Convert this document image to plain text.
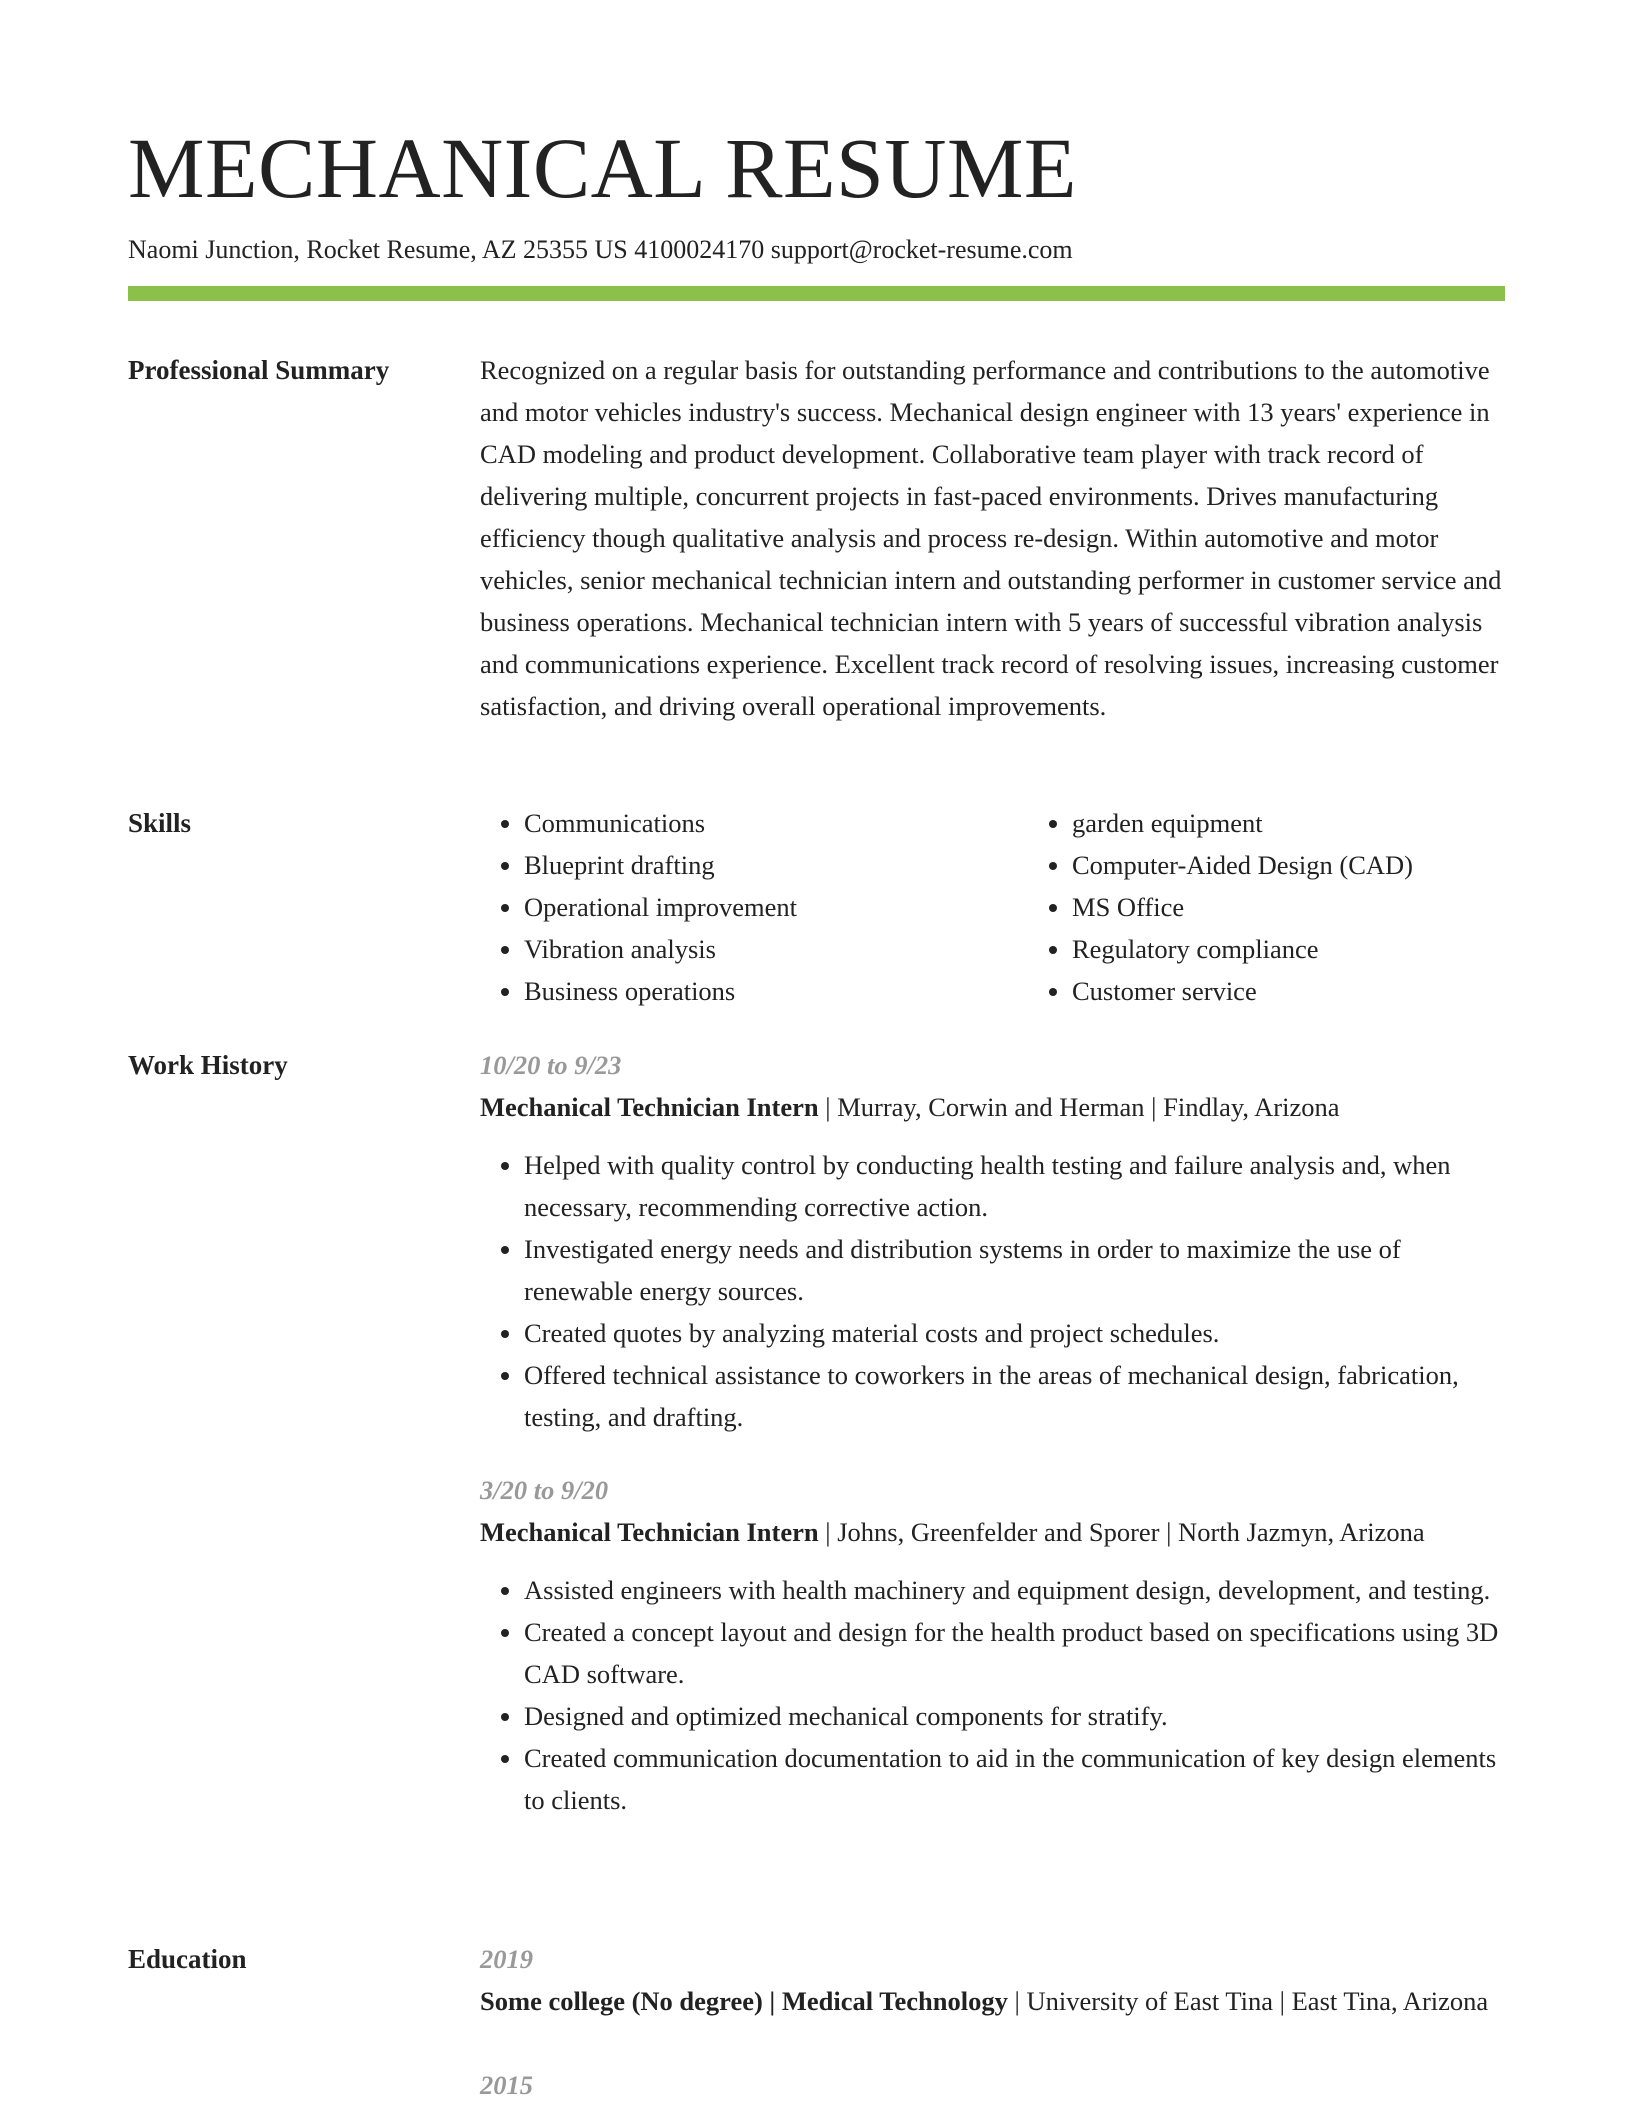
MECHANICAL RESUME
Naomi Junction, Rocket Resume, AZ 25355 US 4100024170 support@rocket-resume.com
Professional Summary	Recognized on a regular basis for outstanding performance and contributions to the automotive and motor vehicles industry's success. Mechanical design engineer with 13 years' experience in CAD modeling and product development. Collaborative team player with track record of delivering multiple, concurrent projects in fast-paced environments. Drives manufacturing efficiency though qualitative analysis and process re-design. Within automotive and motor vehicles, senior mechanical technician intern and outstanding performer in customer service and business operations. Mechanical technician intern with 5 years of successful vibration analysis and communications experience. Excellent track record of resolving issues, increasing customer satisfaction, and driving overall operational improvements.

Skills
•	Communications
• Blueprint drafting
• Operational improvement
• Vibration analysis
• Business operations
• garden equipment
• Computer-Aided Design (CAD)
• MS Office
• Regulatory compliance
• Customer service
Work History	10/20 to 9/23

Mechanical Technician Intern | Murray, Corwin and Herman | Findlay, Arizona

• Helped with quality control by conducting health testing and failure analysis and, when necessary, recommending corrective action.
• Investigated energy needs and distribution systems in order to maximize the use of renewable energy sources.
• Created quotes by analyzing material costs and project schedules.
• Offered technical assistance to coworkers in the areas of mechanical design, fabrication, testing, and drafting.
3/20 to 9/20

Mechanical Technician Intern | Johns, Greenfelder and Sporer | North Jazmyn, Arizona

• Assisted engineers with health machinery and equipment design, development, and testing.
• Created a concept layout and design for the health product based on specifications using 3D CAD software.
• Designed and optimized mechanical components for stratify.
• Created communication documentation to aid in the communication of key design elements to clients.
Education	2019

Some college (No degree) | Medical Technology | University of East Tina | East Tina, Arizona

2015
